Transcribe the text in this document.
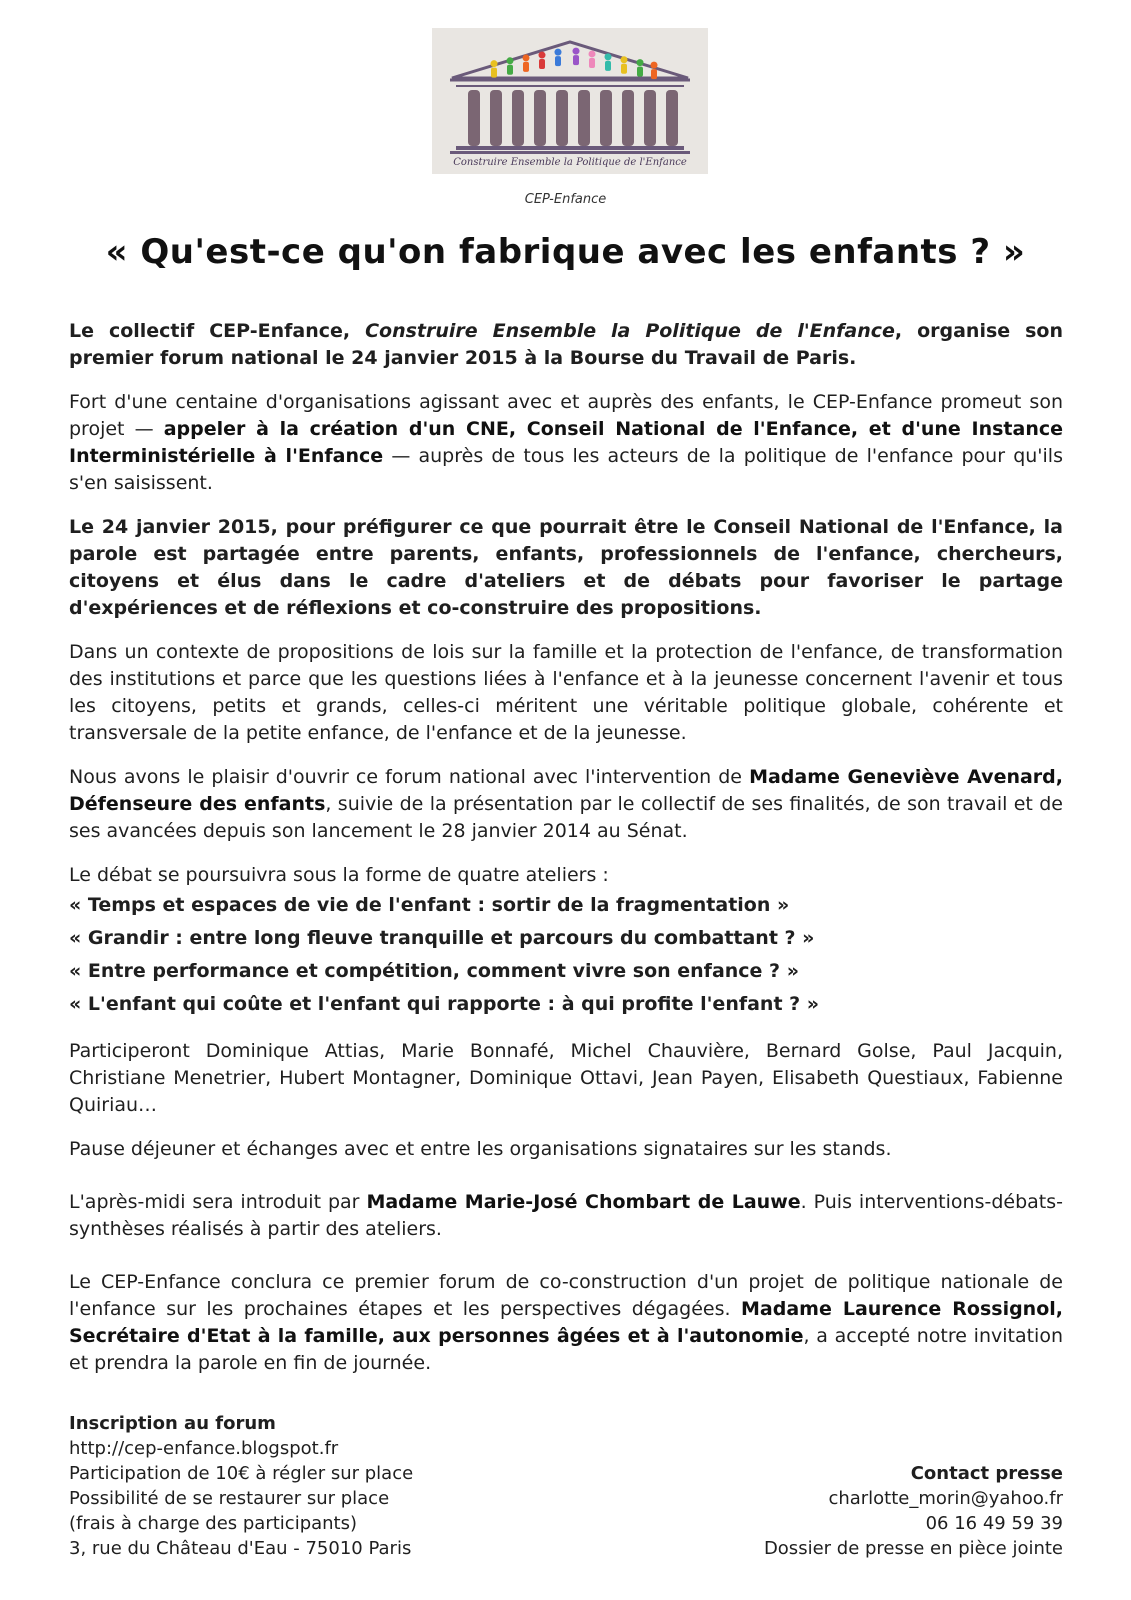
Construire Ensemble la Politique de l'Enfance
CEP-Enfance
« Qu'est-ce qu'on fabrique avec les enfants ? »

Le collectif CEP-Enfance, Construire Ensemble la Politique de l'Enfance, organise son premier forum national le 24 janvier 2015 à la Bourse du Travail de Paris.

Fort d'une centaine d'organisations agissant avec et auprès des enfants, le CEP-Enfance promeut son projet — appeler à la création d'un CNE, Conseil National de l'Enfance, et d'une Instance Interministérielle à l'Enfance — auprès de tous les acteurs de la politique de l'enfance pour qu'ils s'en saisissent.

Le 24 janvier 2015, pour préfigurer ce que pourrait être le Conseil National de l'Enfance, la parole est partagée entre parents, enfants, professionnels de l'enfance, chercheurs, citoyens et élus dans le cadre d'ateliers et de débats pour favoriser le partage d'expériences et de réflexions et co-construire des propositions.

Dans un contexte de propositions de lois sur la famille et la protection de l'enfance, de transformation des institutions et parce que les questions liées à l'enfance et à la jeunesse concernent l'avenir et tous les citoyens, petits et grands, celles-ci méritent une véritable politique globale, cohérente et transversale de la petite enfance, de l'enfance et de la jeunesse.

Nous avons le plaisir d'ouvrir ce forum national avec l'intervention de Madame Geneviève Avenard, Défenseure des enfants, suivie de la présentation par le collectif de ses finalités, de son travail et de ses avancées depuis son lancement le 28 janvier 2014 au Sénat.

Le débat se poursuivra sous la forme de quatre ateliers :
« Temps et espaces de vie de l'enfant : sortir de la fragmentation »
« Grandir : entre long fleuve tranquille et parcours du combattant ? »
« Entre performance et compétition, comment vivre son enfance ? »
« L'enfant qui coûte et l'enfant qui rapporte : à qui profite l'enfant ? »

Participeront Dominique Attias, Marie Bonnafé, Michel Chauvière, Bernard Golse, Paul Jacquin, Christiane Menetrier, Hubert Montagner, Dominique Ottavi, Jean Payen, Elisabeth Questiaux, Fabienne Quiriau…

Pause déjeuner et échanges avec et entre les organisations signataires sur les stands.

L'après-midi sera introduit par Madame Marie-José Chombart de Lauwe. Puis interventions-débats-synthèses réalisés à partir des ateliers.

Le CEP-Enfance conclura ce premier forum de co-construction d'un projet de politique nationale de l'enfance sur les prochaines étapes et les perspectives dégagées. Madame Laurence Rossignol, Secrétaire d'Etat à la famille, aux personnes âgées et à l'autonomie, a accepté notre invitation et prendra la parole en fin de journée.

Inscription au forum
http://cep-enfance.blogspot.fr
Participation de 10€ à régler sur place
Possibilité de se restaurer sur place
(frais à charge des participants)
3, rue du Château d'Eau - 75010 Paris
Contact presse
charlotte_morin@yahoo.fr
06 16 49 59 39
Dossier de presse en pièce jointe
